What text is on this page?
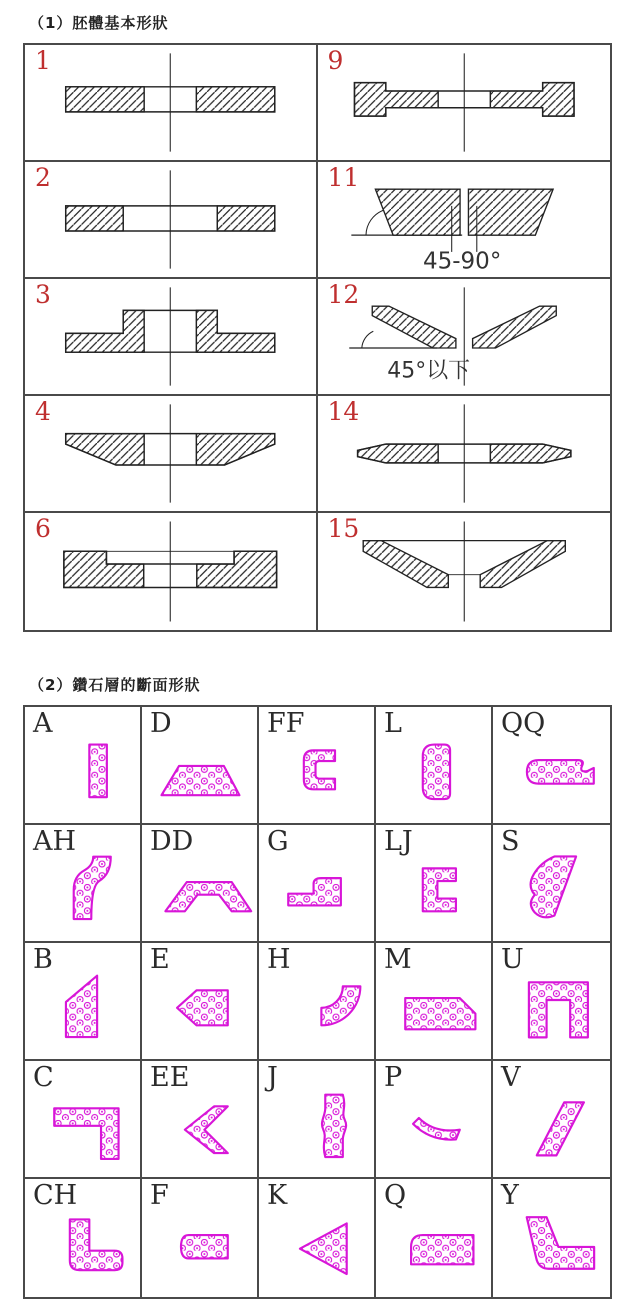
（1）胚體基本形狀
1	9
2	11
45-90°
3	12
45°以下
4	14
6	15
（2）鑽石層的斷面形狀
A	D	FF	L	QQ
AH	DD	G	LJ	S
B	E	H	M	U
C	EE	J	P	V
CH	F	K	Q	Y
